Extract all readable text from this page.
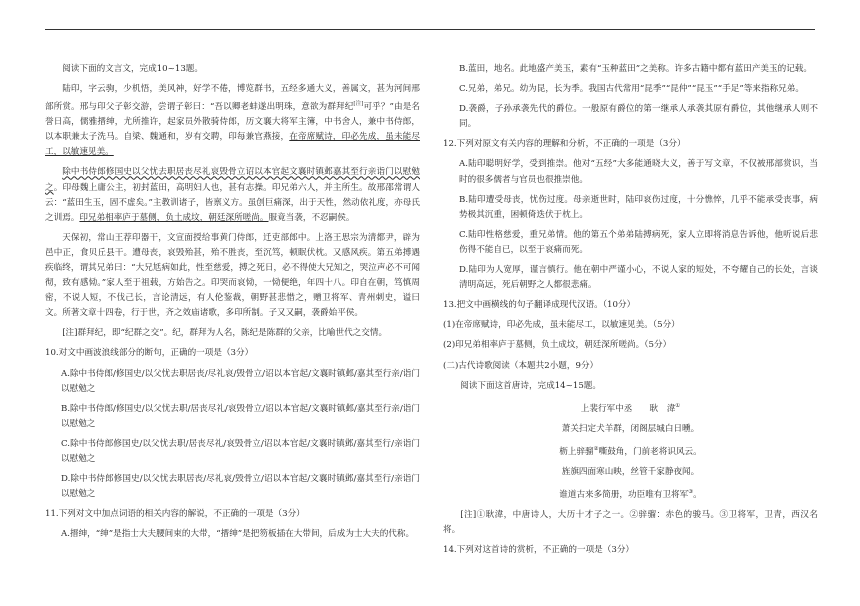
阅读下面的文言文，完成10~13题。

陆印，字云驹，少机悟，美风神，好学不倦，博览群书，五经多通大义，善属文，甚为河间邢部所赏。邢与印父子彰交游，尝谓子彰曰：“吾以卿老蚌遂出明珠，意欲为群拜纪[注]可乎？”由是名誉日高，儒雅搢绅，尤所推许，起家员外散骑侍郎，历文襄大将军主簿，中书舍人，兼中书侍郎，以本职兼太子洗马。自梁、魏通和，岁有交聘，印每兼官燕接，在帝席赋诗，印必先成，虽未能尽工，以敏速见美。

除中书侍郎修国史以父忧去职居丧尽礼哀毁骨立诏以本官起文襄时镇邺嘉其至行亲诣门以慰勉之。印母魏上庸公主，初封蓝田，高明妇人也，甚有志操。印兄弟六人，并主所生。故邢邵常谓人云：“蓝田生玉，固不虚矣。”主教训诸子，皆禀义方。虽创巨痛深，出于天性，然动依礼度，亦母氏之训焉。印兄弟相率庐于墓侧，负土成坟，朝廷深所嗟尚。服竟当袭，不忍嗣侯。

天保初，常山王荐印器干，文宣面授给事黄门侍郎，迁吏部郎中。上洛王思宗为清都尹，辟为邑中正，食贝丘县干。遭母丧，哀毁殆甚，殆不胜丧，至沉笃，顿眠伏枕。又感风疾。第五弟搏遇疾临终，谓其兄弟曰：“大兄尪病如此，性至慈爱，搏之死日，必不得使大兄知之，哭泣声必不可闻彻，致有感恸。”家人至于祖载，方始告之。印哭而哀恸，一恸便绝，年四十八。印自在朝，笃慎周密，不说人短，不伐己长，言论清远，有人伦鉴裁，朝野甚悲惜之，赠卫将军、青州刺史，谥曰文。所著文章十四卷，行于世，齐之效庙诸歌，多印所制。子又又嗣，袭爵始平侯。

[注]群拜纪，即“纪群之交”。纪，群拜为人名，陈纪是陈群的父亲，比喻世代之交情。

10.对文中画波浪线部分的断句，正确的一项是（3分）

A.除中书侍郎/修国史/以父忧去职居丧/尽礼哀/毁骨立/诏以本官起/文襄时镇邺/嘉其至行亲/诣门以慰勉之

B.除中书侍郎/修国史/以父忧去职/居丧尽礼/哀毁骨立/诏以本官起/文襄时镇邺/嘉其至行亲/诣门以慰勉之

C.除中书侍郎修国史/以父忧去职/居丧尽礼/哀毁骨立/诏以本官起/文襄时镇邺/嘉其至行/亲诣门以慰勉之

D.除中书侍郎修国史/以父忧去职居丧/尽礼哀/毁骨立/诏以本官起/文襄时镇邺/嘉其至行/亲诣门以慰勉之

11.下列对文中加点词语的相关内容的解说，不正确的一项是（3分）

A.搢绅，“绅”是指士大夫腰间束的大带，“搢绅”是把笏板插在大带间，后成为士大夫的代称。

B.蓝田，地名。此地盛产美玉，素有“玉种蓝田”之美称。许多古籍中都有蓝田产美玉的记载。

C.兄弟，弟兄。幼为昆，长为季。我国古代常用“昆季”“昆仲”“昆玉”“手足”等来指称兄弟。

D.袭爵，子孙承袭先代的爵位。一般原有爵位的第一继承人承袭其原有爵位，其他继承人则不同。

12.下列对原文有关内容的理解和分析，不正确的一项是（3分）

A.陆印聪明好学，受到推崇。他对“五经”大多能通晓大义，善于写文章，不仅被邢部赏识，当时的很多儒者与官员也很推崇他。

B.陆印遭受母丧，忧伤过度。母亲逝世时，陆印哀伤过度，十分憔悴，几乎不能承受丧事，病势极其沉重，困顿倚迭伏于枕上。

C.陆印性格慈爱，重兄弟情。他的第五个弟弟陆搏病死，家人立即将消息告诉他，他听说后悲伤得不能自已，以至于哀痛而死。

D.陆印为人宽厚，谨言慎行。他在朝中严谨小心，不说人家的短处，不夸耀自己的长处，言谈清明高远，死后朝野之人都很悲痛。

13.把文中画横线的句子翻译成现代汉语。（10分）

(1)在帝席赋诗，印必先成，虽未能尽工，以敏速见美。（5分）

(2)印兄弟相率庐于墓侧，负土成坟，朝廷深所嗟尚。（5分）

(二)古代诗歌阅读（本题共2小题，9分）

阅读下面这首唐诗，完成14~15题。

上裴行军中丞　　耿　湋①

萧关扫定犬羊群，闭阁层城白日曛。

枥上骍骝②嘶鼓角，门前老将识风云。

旌旗四面寒山映，丝管千家静夜闻。

谁道古来多简册，功臣唯有卫将军③。

[注]①耿湋，中唐诗人，大历十才子之一。②骍骝：赤色的骏马。③卫将军，卫青，西汉名将。

14.下列对这首诗的赏析，不正确的一项是（3分）
